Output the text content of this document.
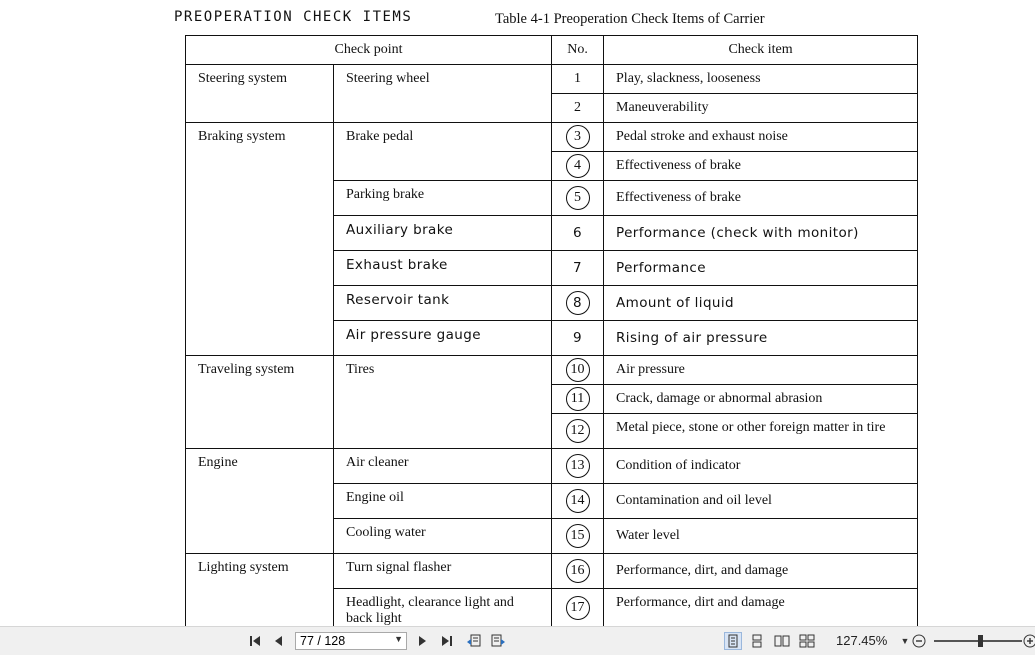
PREOPERATION CHECK ITEMS	Table 4-1 Preoperation Check Items of Carrier
Check point		No.	Check item
Steering system	Steering wheel	1	Play, slackness, looseness
		2	Maneuverability
Braking system	Brake pedal	3	Pedal stroke and exhaust noise
		4	Effectiveness of brake
	Parking brake	5	Effectiveness of brake
	Auxiliary brake	6	Performance (check with monitor)
	Exhaust brake	7	Performance
	Reservoir tank	8	Amount of liquid
	Air pressure gauge	9	Rising of air pressure
Traveling system	Tires	10	Air pressure
		11	Crack, damage or abnormal abrasion
		12	Metal piece, stone or other foreign matter in tire
Engine	Air cleaner	13	Condition of indicator
	Engine oil	14	Contamination and oil level
	Cooling water	15	Water level
Lighting system	Turn signal flasher	16	Performance, dirt, and damage
	Headlight, clearance light and back light	17	Performance, dirt and damage

77 / 128
▼	127.45%	▼
